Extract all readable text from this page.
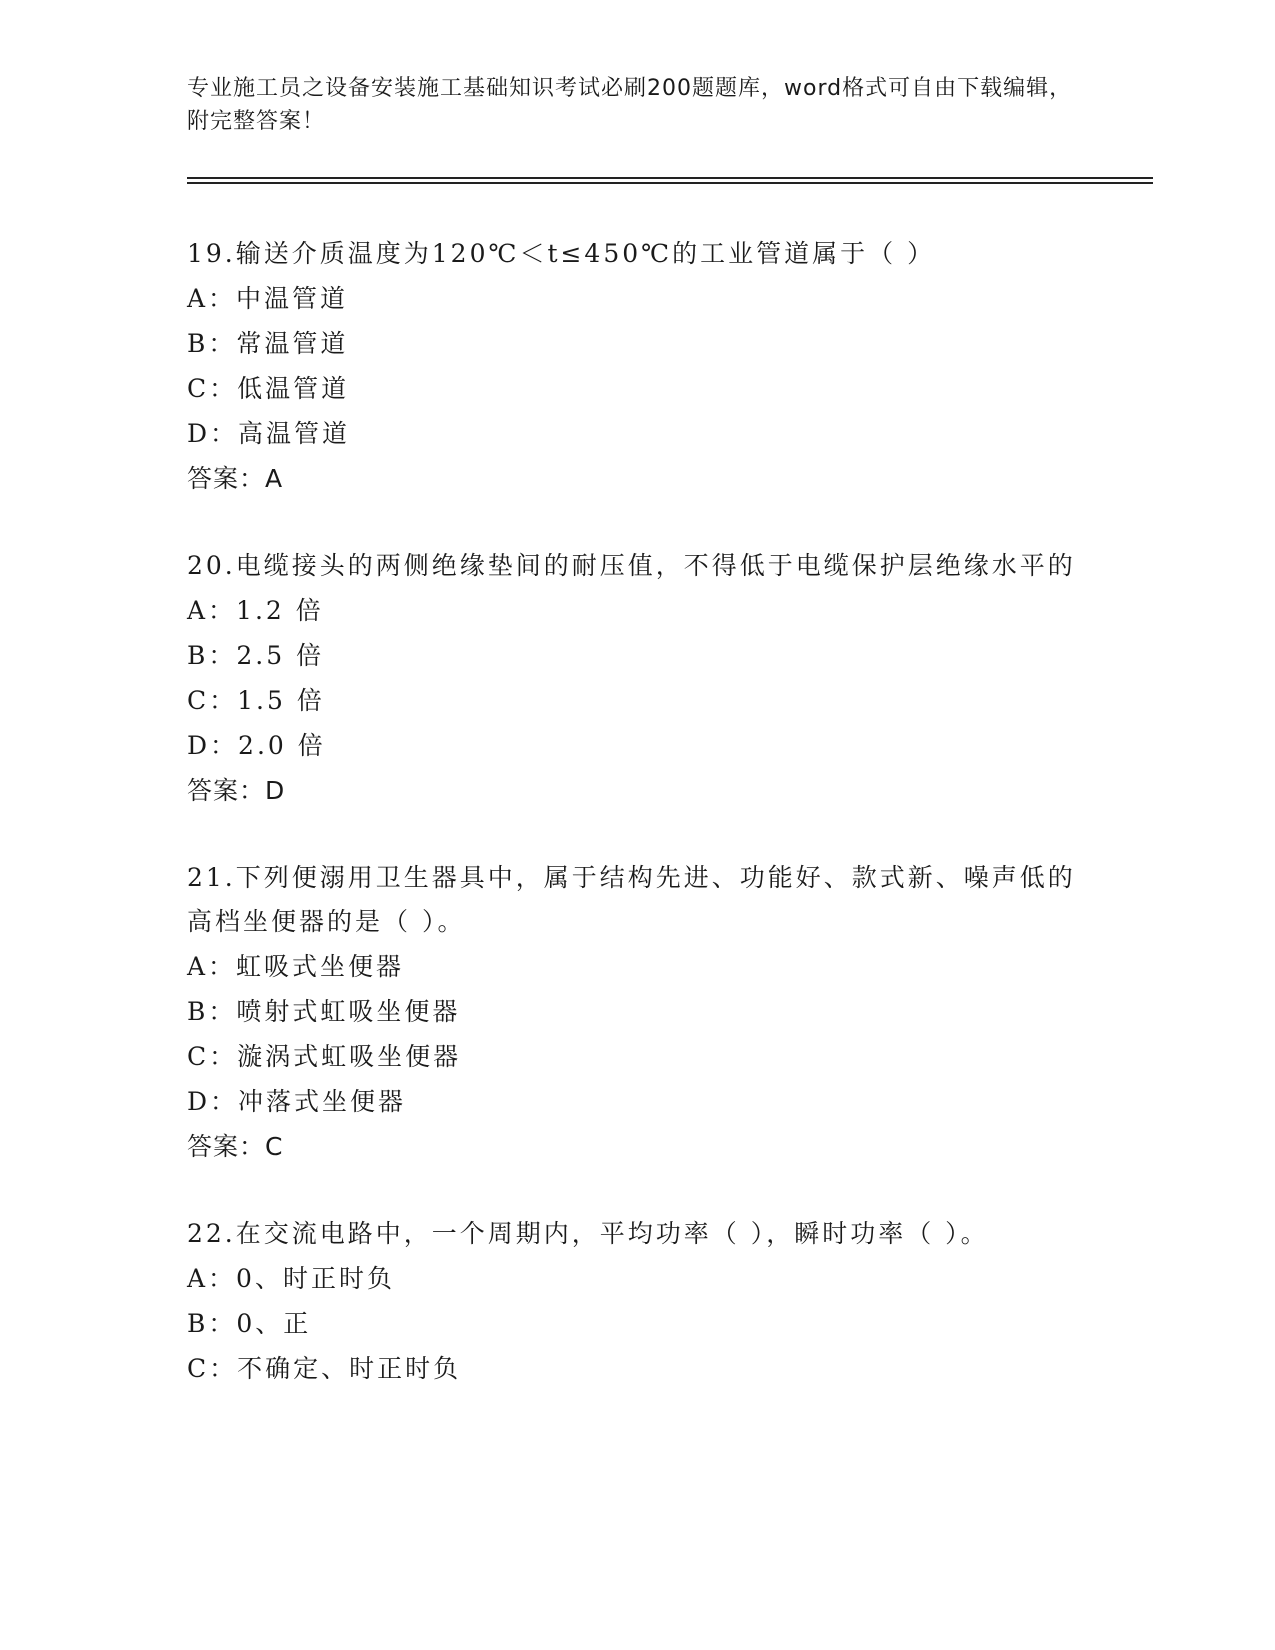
专业施工员之设备安装施工基础知识考试必刷200题题库，word格式可自由下载编辑，附完整答案！
19.输送介质温度为120℃＜t≤450℃的工业管道属于（ ）
A：中温管道
B：常温管道
C：低温管道
D：高温管道
答案：A
20.电缆接头的两侧绝缘垫间的耐压值，不得低于电缆保护层绝缘水平的
A：1.2 倍
B：2.5 倍
C：1.5 倍
D：2.0 倍
答案：D
21.下列便溺用卫生器具中，属于结构先进、功能好、款式新、噪声低的高档坐便器的是（ ）。
A：虹吸式坐便器
B：喷射式虹吸坐便器
C：漩涡式虹吸坐便器
D：冲落式坐便器
答案：C
22.在交流电路中，一个周期内，平均功率（ ），瞬时功率（ ）。
A：0、时正时负
B：0、正
C：不确定、时正时负
